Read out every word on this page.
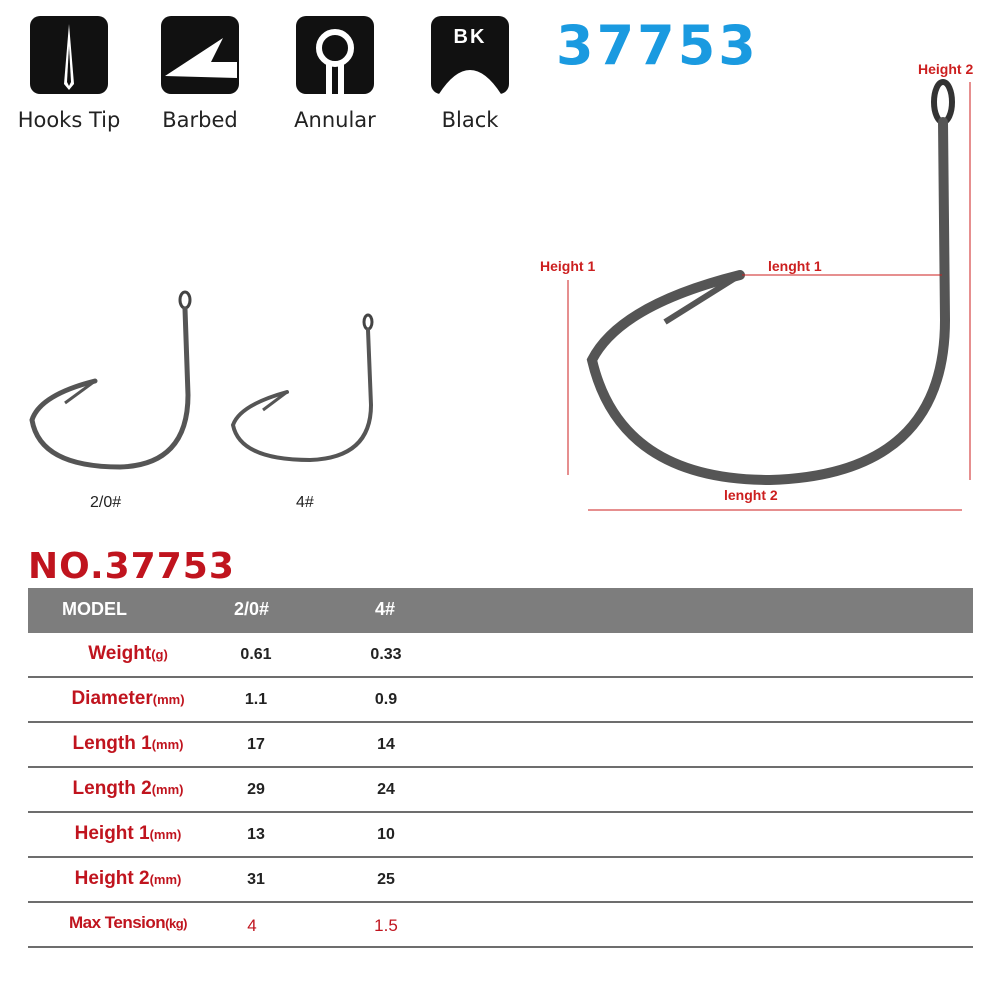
Hooks Tip	Barbed	Annular
BK
Black
37753
2/0#	4#
Height 1
Height 2
lenght 1
lenght 2
NO.37753
MODEL	2/0#	4#
Weight(g)	0.61	0.33
Diameter(mm)	1.1	0.9
Length 1(mm)	17	14
Length 2(mm)	29	24
Height 1(mm)	13	10
Height 2(mm)	31	25
Max Tension(kg)	4	1.5
